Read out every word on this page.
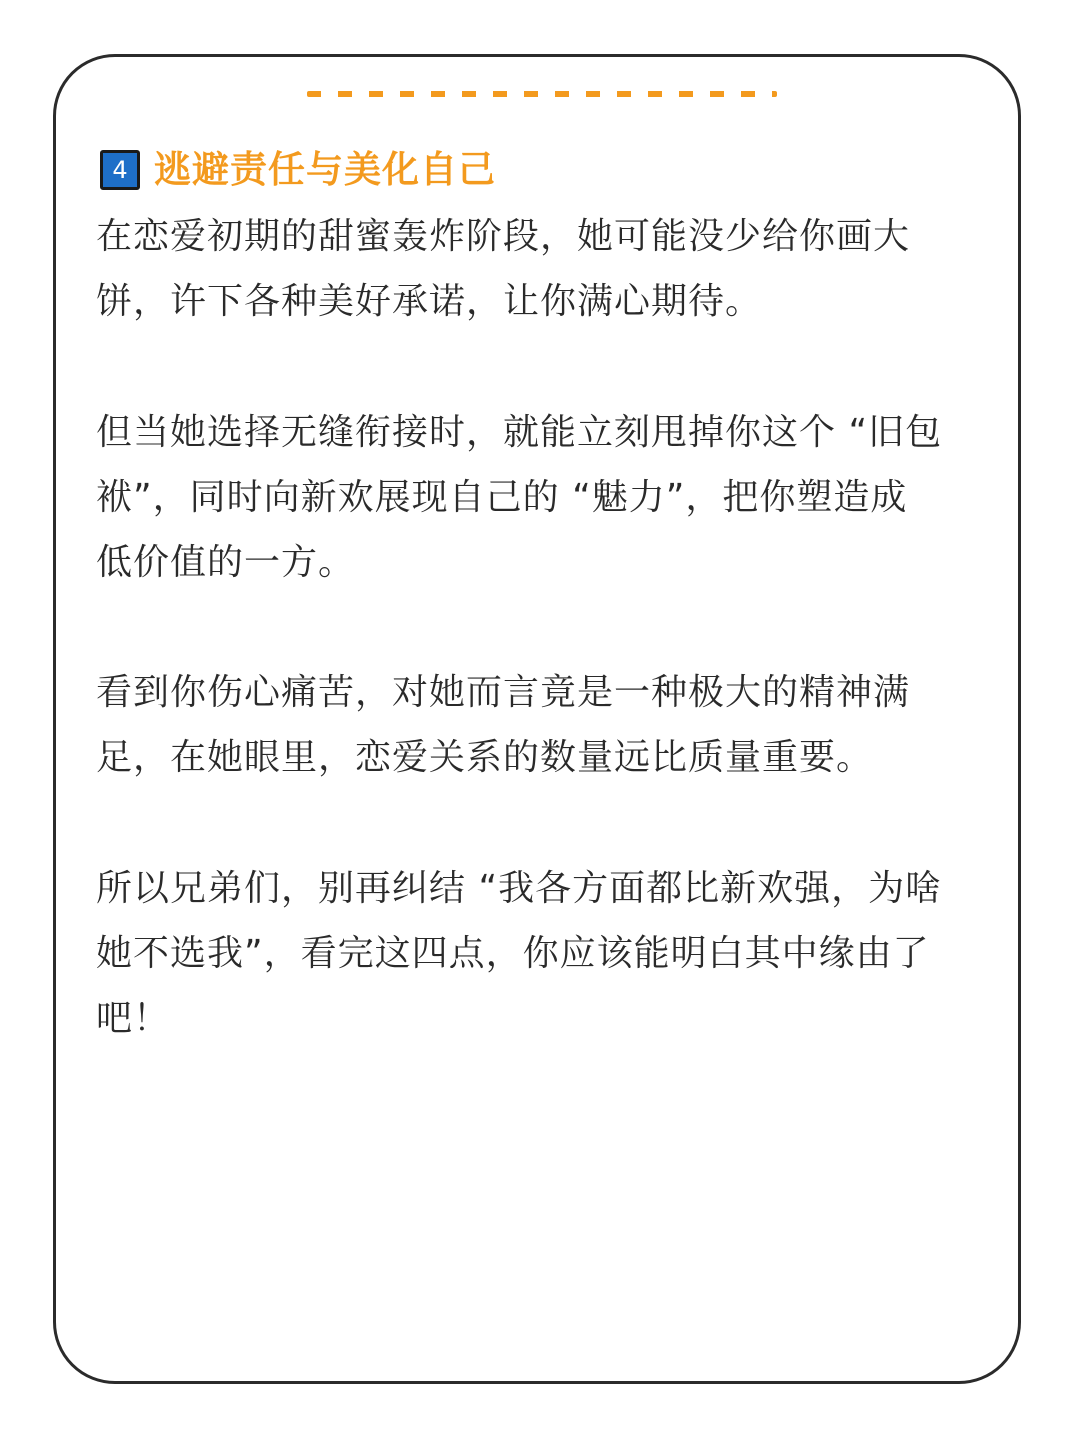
4 逃避责任与美化自己

在恋爱初期的甜蜜轰炸阶段，她可能没少给你画大
饼，许下各种美好承诺，让你满心期待。

但当她选择无缝衔接时，就能立刻甩掉你这个 “旧包
袱”，同时向新欢展现自己的 “魅力”，把你塑造成
低价值的一方。

看到你伤心痛苦，对她而言竟是一种极大的精神满
足，在她眼里，恋爱关系的数量远比质量重要。

所以兄弟们，别再纠结 “我各方面都比新欢强，为啥
她不选我”，看完这四点，你应该能明白其中缘由了
吧！
